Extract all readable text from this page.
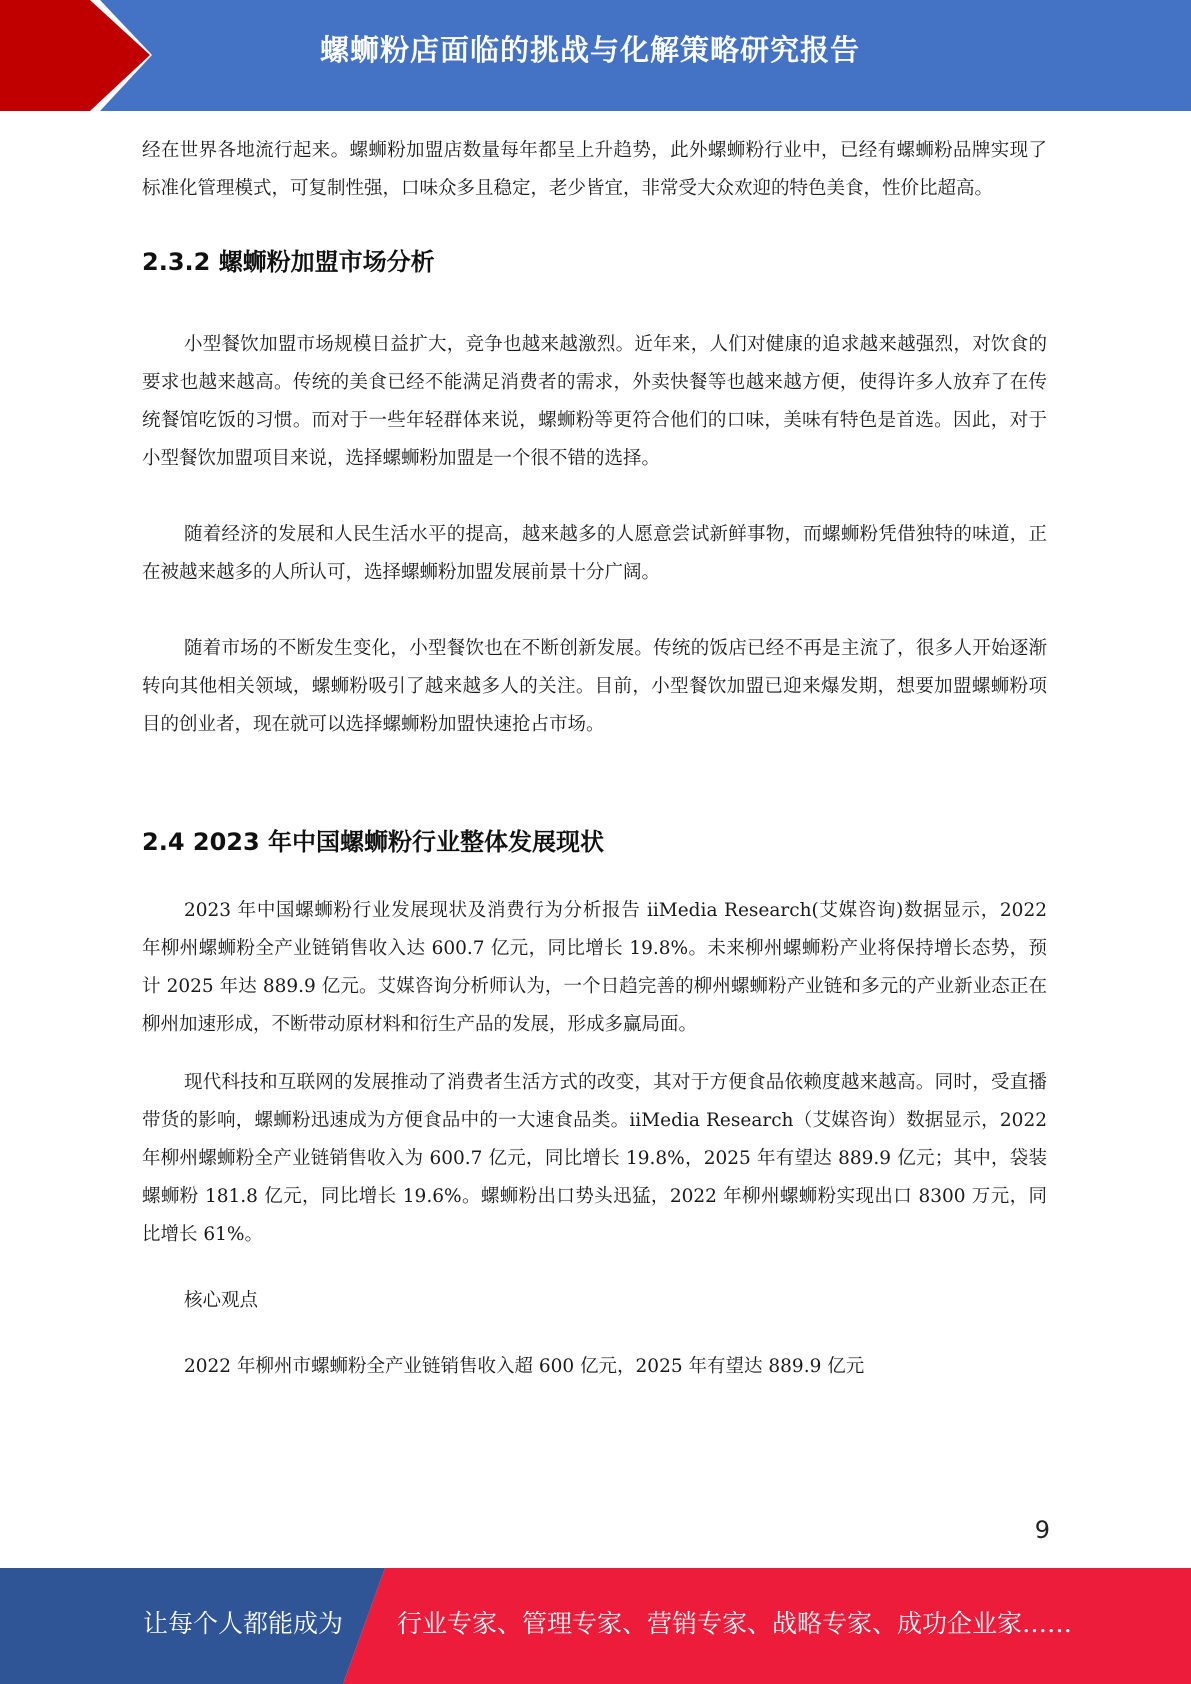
螺蛳粉店面临的挑战与化解策略研究报告

经在世界各地流行起来。螺蛳粉加盟店数量每年都呈上升趋势，此外螺蛳粉行业中，已经有螺蛳粉品牌实现了标准化管理模式，可复制性强，口味众多且稳定，老少皆宜，非常受大众欢迎的特色美食，性价比超高。

2.3.2 螺蛳粉加盟市场分析

小型餐饮加盟市场规模日益扩大，竞争也越来越激烈。近年来，人们对健康的追求越来越强烈，对饮食的要求也越来越高。传统的美食已经不能满足消费者的需求，外卖快餐等也越来越方便，使得许多人放弃了在传统餐馆吃饭的习惯。而对于一些年轻群体来说，螺蛳粉等更符合他们的口味，美味有特色是首选。因此，对于小型餐饮加盟项目来说，选择螺蛳粉加盟是一个很不错的选择。

随着经济的发展和人民生活水平的提高，越来越多的人愿意尝试新鲜事物，而螺蛳粉凭借独特的味道，正在被越来越多的人所认可，选择螺蛳粉加盟发展前景十分广阔。

随着市场的不断发生变化，小型餐饮也在不断创新发展。传统的饭店已经不再是主流了，很多人开始逐渐转向其他相关领域，螺蛳粉吸引了越来越多人的关注。目前，小型餐饮加盟已迎来爆发期，想要加盟螺蛳粉项目的创业者，现在就可以选择螺蛳粉加盟快速抢占市场。

2.4 2023 年中国螺蛳粉行业整体发展现状

2023 年中国螺蛳粉行业发展现状及消费行为分析报告 iiMedia Research(艾媒咨询)数据显示，2022 年柳州螺蛳粉全产业链销售收入达 600.7 亿元，同比增长 19.8%。未来柳州螺蛳粉产业将保持增长态势，预计 2025 年达 889.9 亿元。艾媒咨询分析师认为，一个日趋完善的柳州螺蛳粉产业链和多元的产业新业态正在柳州加速形成，不断带动原材料和衍生产品的发展，形成多赢局面。

现代科技和互联网的发展推动了消费者生活方式的改变，其对于方便食品依赖度越来越高。同时，受直播带货的影响，螺蛳粉迅速成为方便食品中的一大速食品类。iiMedia Research（艾媒咨询）数据显示，2022 年柳州螺蛳粉全产业链销售收入为 600.7 亿元，同比增长 19.8%，2025 年有望达 889.9 亿元；其中，袋装螺蛳粉 181.8 亿元，同比增长 19.6%。螺蛳粉出口势头迅猛，2022 年柳州螺蛳粉实现出口 8300 万元，同比增长 61%。

核心观点

2022 年柳州市螺蛳粉全产业链销售收入超 600 亿元，2025 年有望达 889.9 亿元

9
让每个人都能成为 行业专家、管理专家、营销专家、战略专家、成功企业家……
